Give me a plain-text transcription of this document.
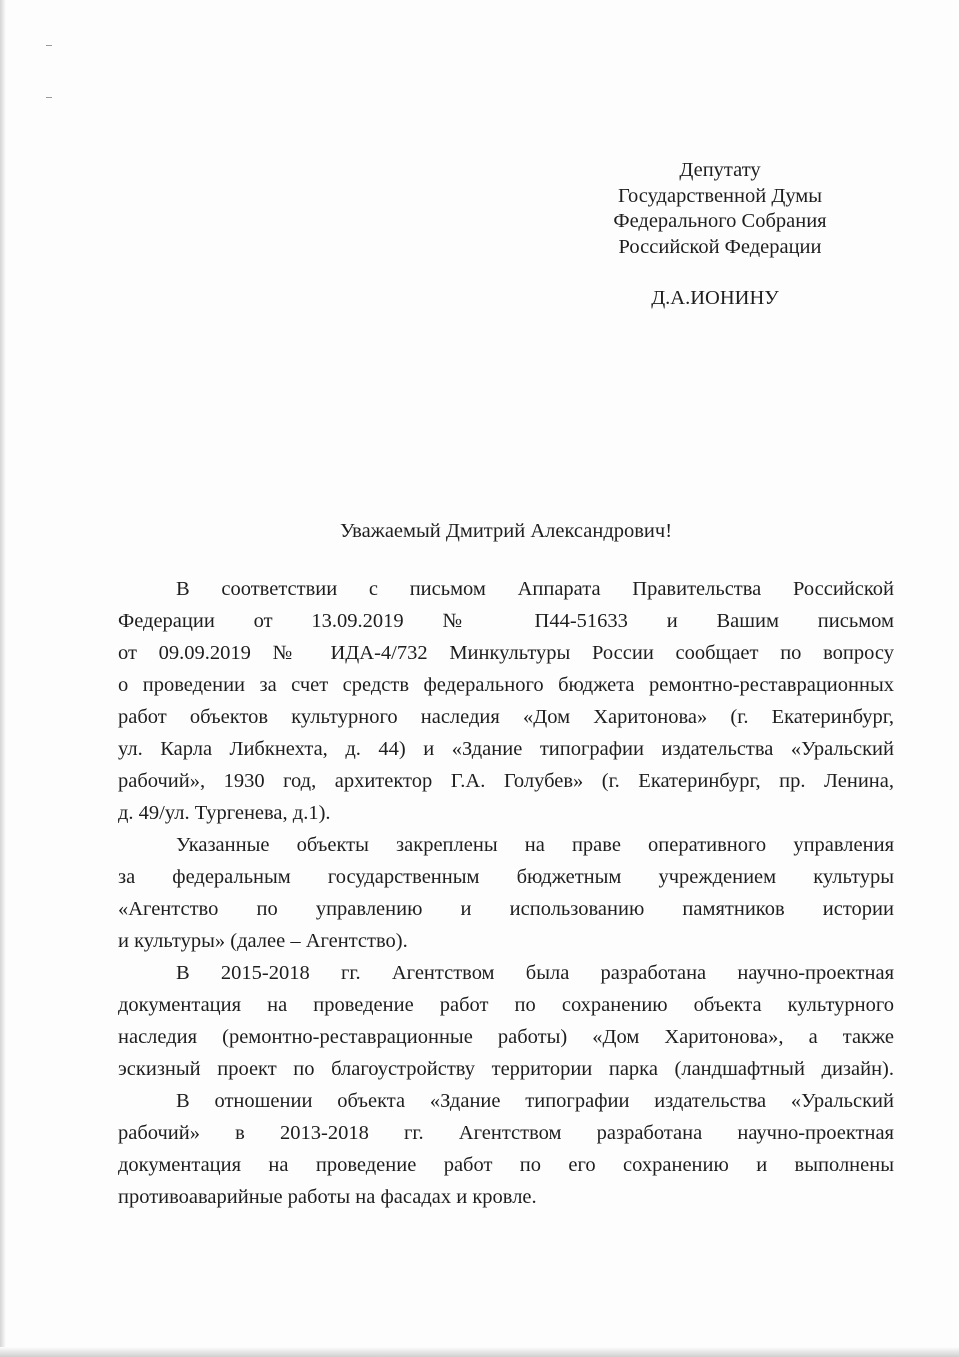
Депутату
Государственной Думы
Федерального Собрания
Российской Федерации
Д.А.ИОНИНУ
Уважаемый Дмитрий Александрович!
В соответствии с письмом Аппарата Правительства Российской
Федерации от 13.09.2019 № П44-51633 и Вашим письмом
от 09.09.2019 № ИДА-4/732 Минкультуры России сообщает по вопросу
о проведении за счет средств федерального бюджета ремонтно-реставрационных
работ объектов культурного наследия «Дом Харитонова» (г. Екатеринбург,
ул. Карла Либкнехта, д. 44) и «Здание типографии издательства «Уральский
рабочий», 1930 год, архитектор Г.А. Голубев» (г. Екатеринбург, пр. Ленина,
д. 49/ул. Тургенева, д.1).
Указанные объекты закреплены на праве оперативного управления
за федеральным государственным бюджетным учреждением культуры
«Агентство по управлению и использованию памятников истории
и культуры» (далее – Агентство).
В 2015-2018 гг. Агентством была разработана научно-проектная
документация на проведение работ по сохранению объекта культурного
наследия (ремонтно-реставрационные работы) «Дом Харитонова», а также
эскизный проект по благоустройству территории парка (ландшафтный дизайн).
В отношении объекта «Здание типографии издательства «Уральский
рабочий» в 2013-2018 гг. Агентством разработана научно-проектная
документация на проведение работ по его сохранению и выполнены
противоаварийные работы на фасадах и кровле.
